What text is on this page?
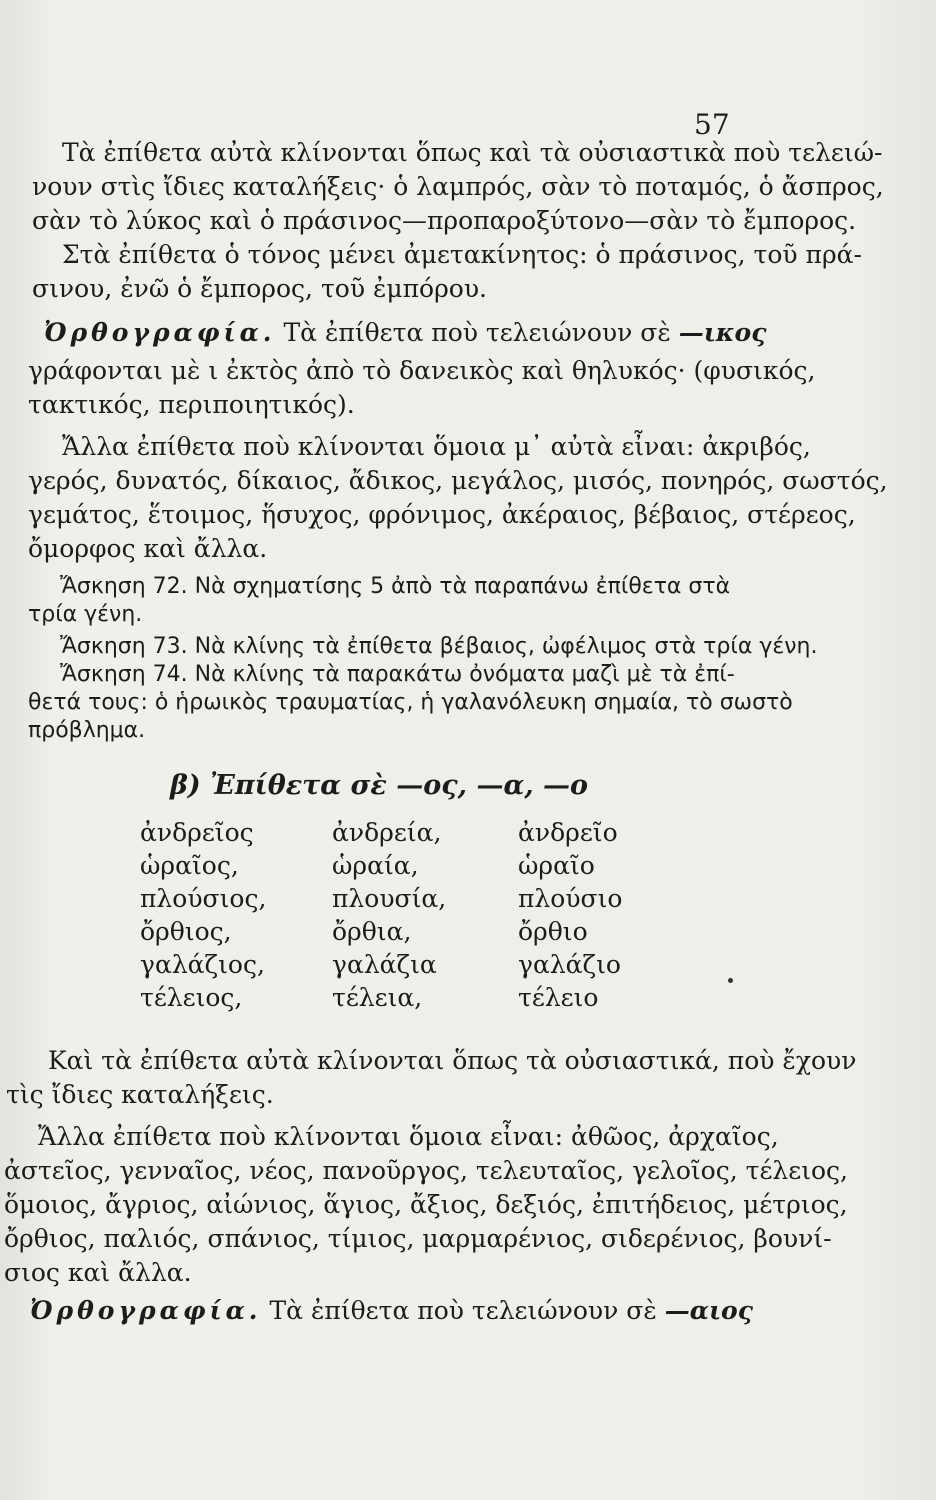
57
Τὰ ἐπίθετα αὐτὰ κλίνονται ὅπως καὶ τὰ οὐσιαστικὰ ποὺ τελειώ-
νουν στὶς ἴδιες καταλήξεις· ὁ λαμπρός, σὰν τὸ ποταμός, ὁ ἄσπρος,
σὰν τὸ λύκος καὶ ὁ πράσινος—προπαροξύτονο—σὰν τὸ ἔμπορος.
Στὰ ἐπίθετα ὁ τόνος μένει ἀμετακίνητος: ὁ πράσινος, τοῦ πρά-
σινου, ἐνῶ ὁ ἔμπορος, τοῦ ἐμπόρου.
Ὀρθογραφία. Τὰ ἐπίθετα ποὺ τελειώνουν σὲ —ικος
γράφονται μὲ ι ἐκτὸς ἀπὸ τὸ δανεικὸς καὶ θηλυκός· (φυσικός,
τακτικός, περιποιητικός).
Ἄλλα ἐπίθετα ποὺ κλίνονται ὅμοια μ᾽ αὐτὰ εἶναι: ἀκριβός,
γερός, δυνατός, δίκαιος, ἄδικος, μεγάλος, μισός, πονηρός, σωστός,
γεμάτος, ἕτοιμος, ἥσυχος, φρόνιμος, ἀκέραιος, βέβαιος, στέρεος,
ὄμορφος καὶ ἄλλα.
Ἄσκηση 72. Νὰ σχηματίσης 5 ἀπὸ τὰ παραπάνω ἐπίθετα στὰ
τρία γένη.
Ἄσκηση 73. Νὰ κλίνης τὰ ἐπίθετα βέβαιος, ὠφέλιμος στὰ τρία γένη.
Ἄσκηση 74. Νὰ κλίνης τὰ παρακάτω ὀνόματα μαζὶ μὲ τὰ ἐπί-
θετά τους: ὁ ἡρωικὸς τραυματίας, ἡ γαλανόλευκη σημαία, τὸ σωστὸ
πρόβλημα.
β) Ἐπίθετα σὲ —ος, —α, —ο
ἀνδρεῖος	ἀνδρεία,	ἀνδρεῖο
ὡραῖος,	ὡραία,	ὡραῖο
πλούσιος,	πλουσία,	πλούσιο
ὄρθιος,	ὄρθια,	ὄρθιο
γαλάζιος,	γαλάζια	γαλάζιο
τέλειος,	τέλεια,	τέλειο
Καὶ τὰ ἐπίθετα αὐτὰ κλίνονται ὅπως τὰ οὐσιαστικά, ποὺ ἔχουν
τὶς ἴδιες καταλήξεις.
Ἄλλα ἐπίθετα ποὺ κλίνονται ὅμοια εἶναι: ἀθῶος, ἀρχαῖος,
ἀστεῖος, γενναῖος, νέος, πανοῦργος, τελευταῖος, γελοῖος, τέλειος,
ὅμοιος, ἄγριος, αἰώνιος, ἅγιος, ἄξιος, δεξιός, ἐπιτήδειος, μέτριος,
ὄρθιος, παλιός, σπάνιος, τίμιος, μαρμαρένιος, σιδερένιος, βουνί-
σιος καὶ ἄλλα.
Ὀρθογραφία. Τὰ ἐπίθετα ποὺ τελειώνουν σὲ —αιος
